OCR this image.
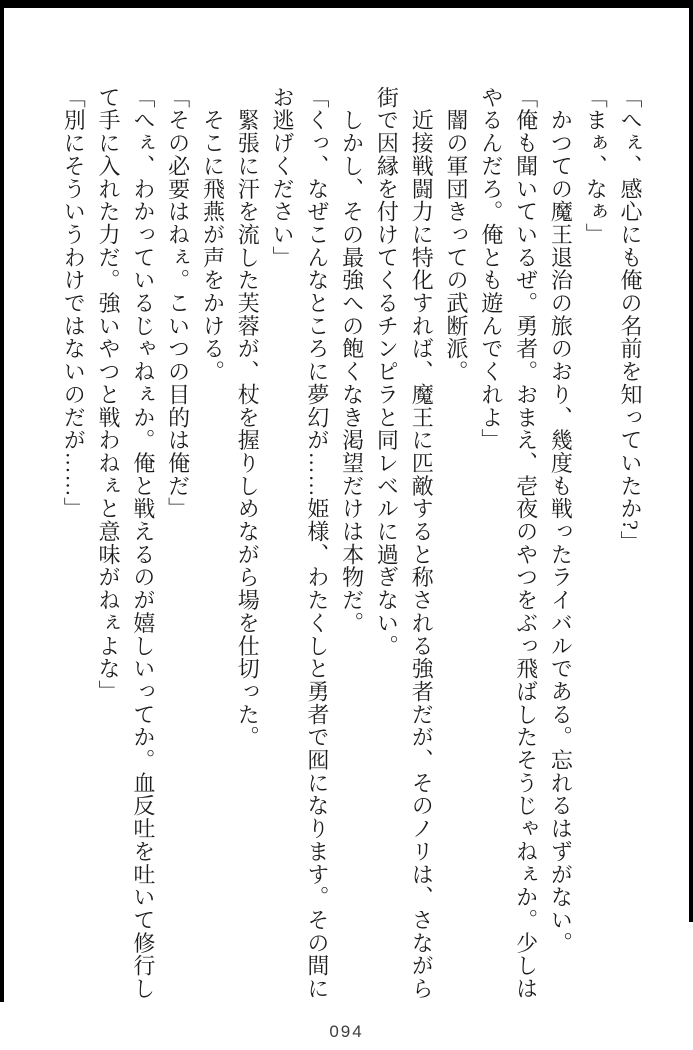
「へぇ、感心にも俺の名前を知っていたか?」

「まぁ、なぁ」

　かつての魔王退治の旅のおり、幾度も戦ったライバルである。忘れるはずがない。

「俺も聞いているぜ。勇者。おまえ、壱夜のやつをぶっ飛ばしたそうじゃねぇか。少しは

やるんだろ。俺とも遊んでくれよ」

　闇の軍団きっての武断派。

　近接戦闘力に特化すれば、魔王に匹敵すると称される強者だが、そのノリは、さながら

街で因縁を付けてくるチンピラと同レベルに過ぎない。

　しかし、その最強への飽くなき渇望だけは本物だ。

「くっ、なぜこんなところに夢幻が……姫様、わたくしと勇者で囮になります。その間に

お逃げください」

　緊張に汗を流した芙蓉が、杖を握りしめながら場を仕切った。

　そこに飛燕が声をかける。

「その必要はねぇ。こいつの目的は俺だ」

「へぇ、わかっているじゃねぇか。俺と戦えるのが嬉しいってか。血反吐を吐いて修行し

て手に入れた力だ。強いやつと戦わねぇと意味がねぇよな」

「別にそういうわけではないのだが……」

094
